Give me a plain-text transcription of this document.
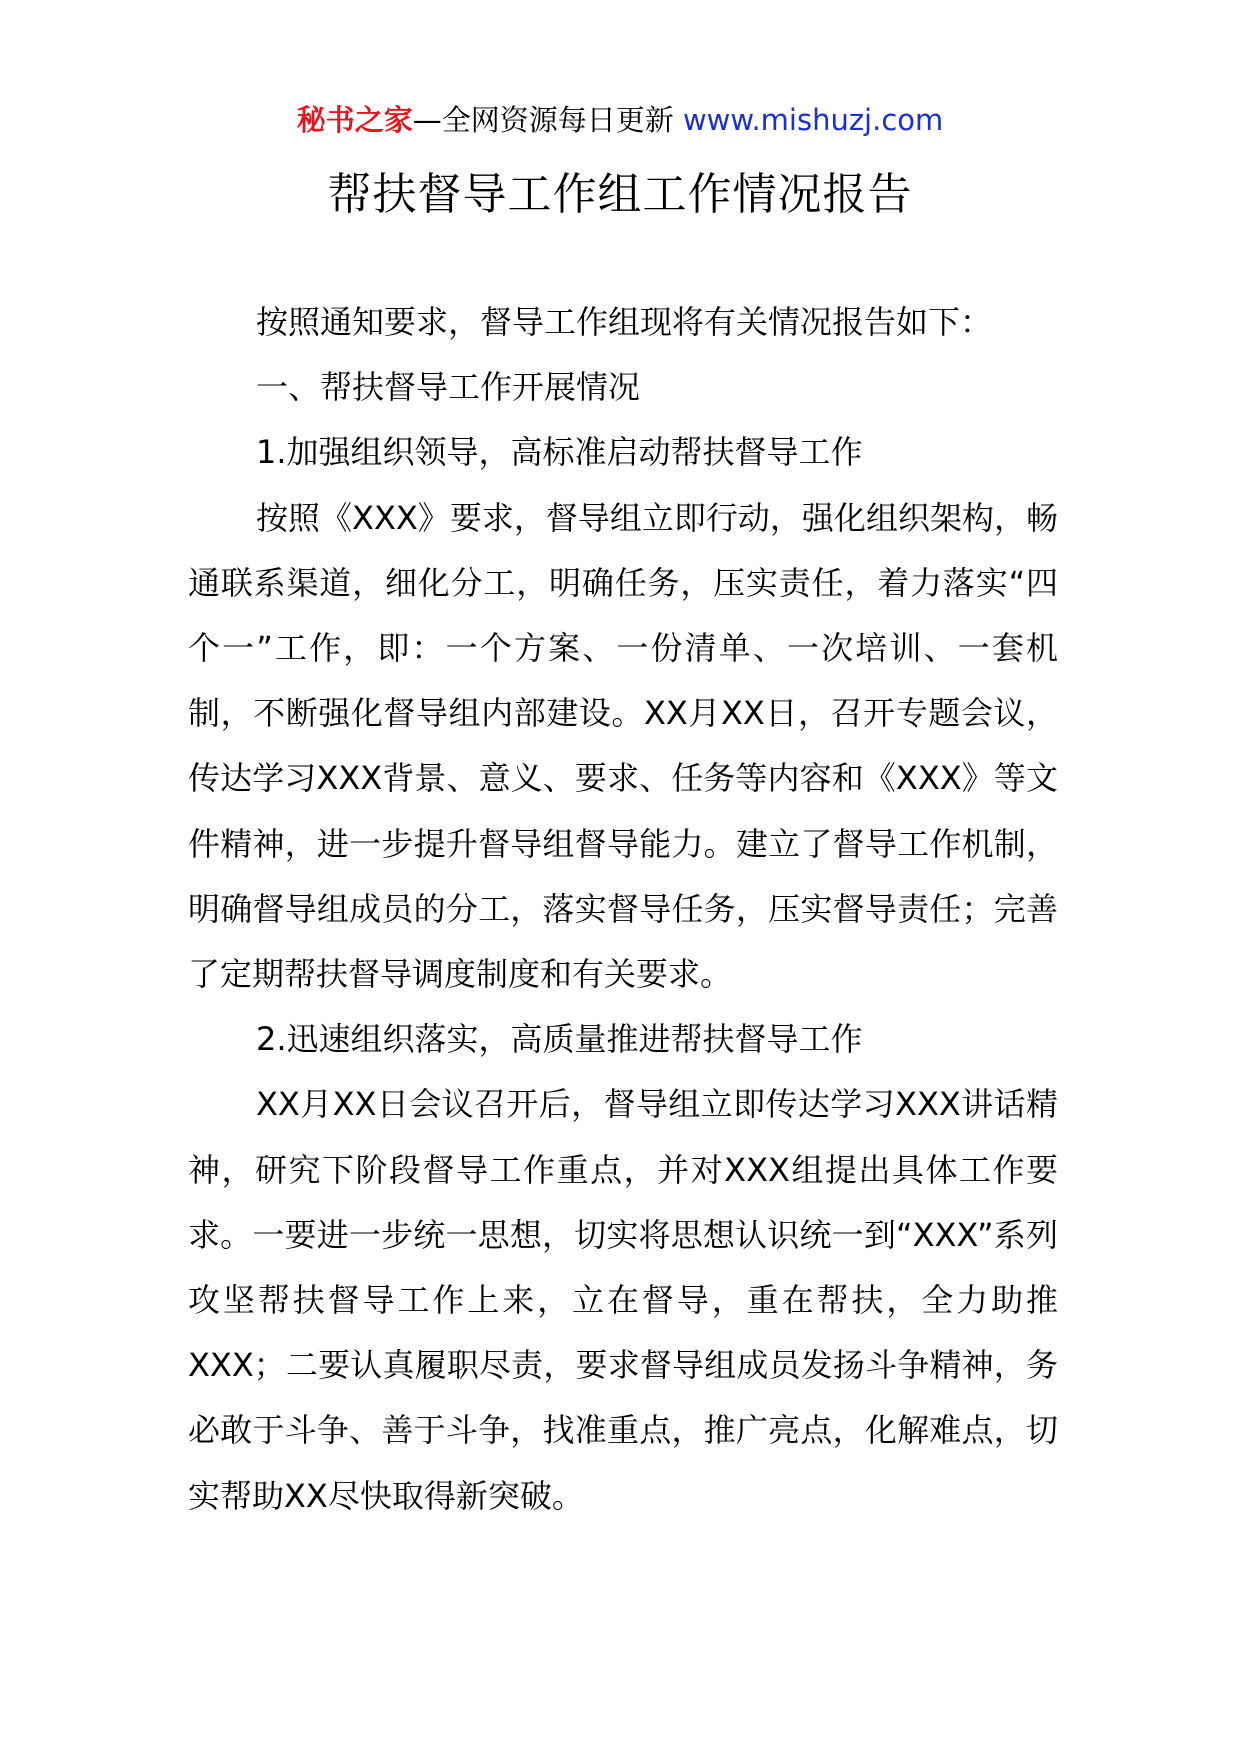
秘书之家—全网资源每日更新 www.mishuzj.com
帮扶督导工作组工作情况报告

按照通知要求，督导工作组现将有关情况报告如下：

一、帮扶督导工作开展情况

1.加强组织领导，高标准启动帮扶督导工作

按照《XXX》要求，督导组立即行动，强化组织架构，畅通联系渠道，细化分工，明确任务，压实责任，着力落实“四个一”工作，即：一个方案、一份清单、一次培训、一套机制，不断强化督导组内部建设。XX月XX日，召开专题会议，传达学习XXX背景、意义、要求、任务等内容和《XXX》等文件精神，进一步提升督导组督导能力。建立了督导工作机制，明确督导组成员的分工，落实督导任务，压实督导责任；完善了定期帮扶督导调度制度和有关要求。

2.迅速组织落实，高质量推进帮扶督导工作

XX月XX日会议召开后，督导组立即传达学习XXX讲话精神，研究下阶段督导工作重点，并对XXX组提出具体工作要求。一要进一步统一思想，切实将思想认识统一到“XXX”系列攻坚帮扶督导工作上来，立在督导，重在帮扶，全力助推XXX；二要认真履职尽责，要求督导组成员发扬斗争精神，务必敢于斗争、善于斗争，找准重点，推广亮点，化解难点，切实帮助XX尽快取得新突破。
